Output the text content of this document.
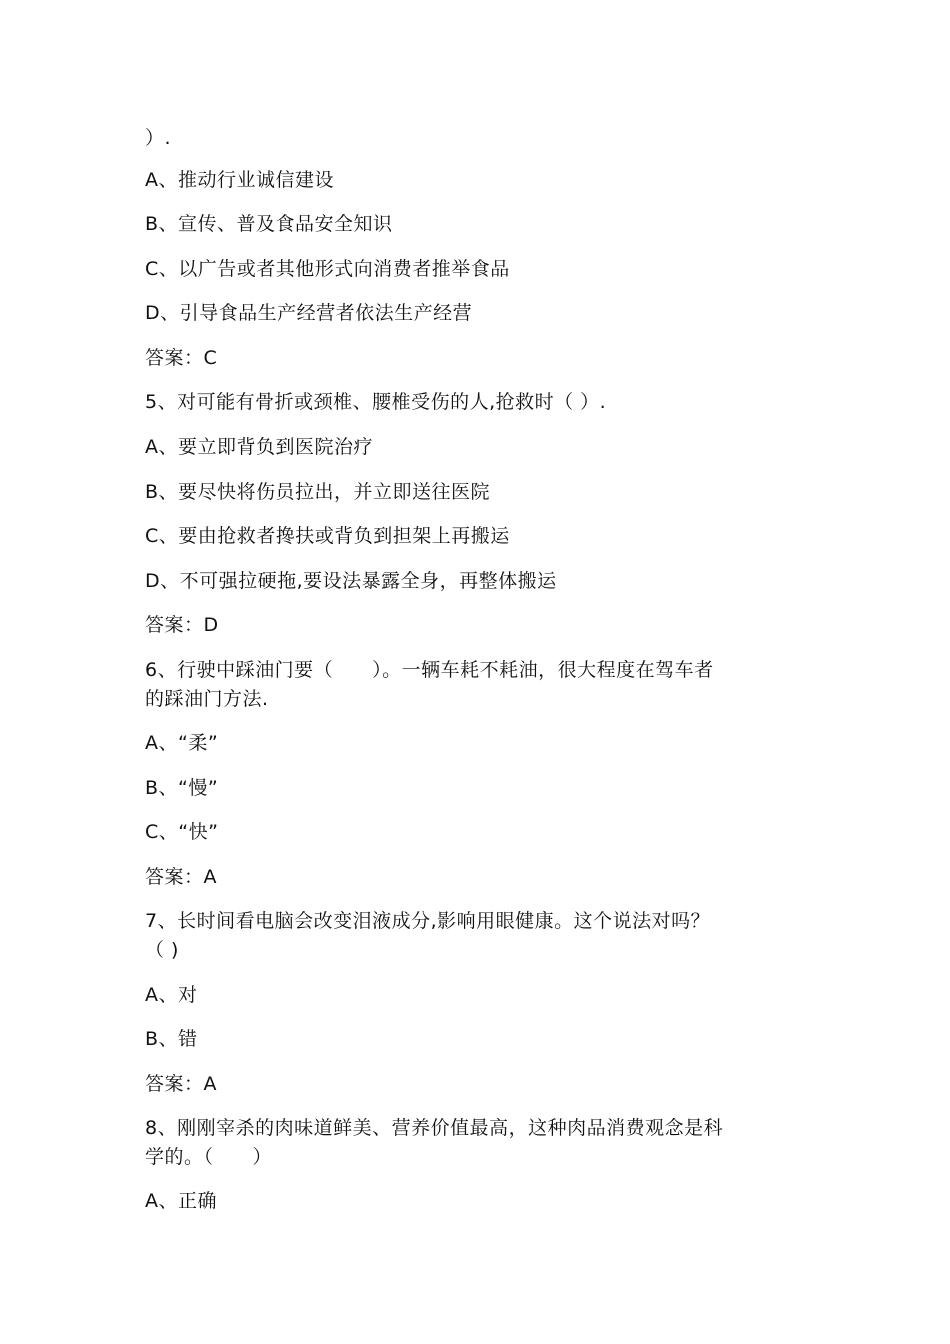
）.
A、推动行业诚信建设
B、宣传、普及食品安全知识
C、以广告或者其他形式向消费者推举食品
D、引导食品生产经营者依法生产经营
答案：C
5、对可能有骨折或颈椎、腰椎受伤的人,抢救时（ ）.
A、要立即背负到医院治疗
B、要尽快将伤员拉出，并立即送往医院
C、要由抢救者搀扶或背负到担架上再搬运
D、不可强拉硬拖,要设法暴露全身，再整体搬运
答案：D
6、行驶中踩油门要（　　）。一辆车耗不耗油，很大程度在驾车者
的踩油门方法.
A、“柔”
B、“慢”
C、“快”
答案：A
7、长时间看电脑会改变泪液成分,影响用眼健康。这个说法对吗？
（ )
A、对
B、错
答案：A
8、刚刚宰杀的肉味道鲜美、营养价值最高，这种肉品消费观念是科
学的。（　　）
A、正确
